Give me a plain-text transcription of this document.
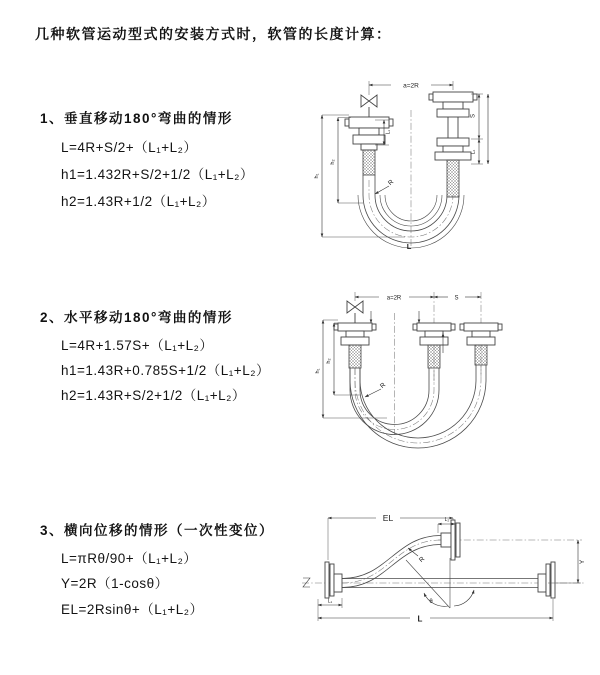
几种软管运动型式的安装方式时，软管的长度计算：
1、垂直移动180°弯曲的情形
L=4R+S/2+（L₁+L₂）
h1=1.432R+S/2+1/2（L₁+L₂）
h2=1.43R+1/2（L₁+L₂）
2、水平移动180°弯曲的情形
L=4R+1.57S+（L₁+L₂）
h1=1.43R+0.785S+1/2（L₁+L₂）
h2=1.43R+S/2+1/2（L₁+L₂）
3、横向位移的情形（一次性变位）
L=πRθ/90+（L₁+L₂）
Y=2R（1-cosθ）
EL=2Rsinθ+（L₁+L₂）
a=2R
S
L₂
L₁
h₁
h₂
R
L
a=2R	S
h₁
h₂
R
EL	L₂
Y
R
θ
L
L₁
